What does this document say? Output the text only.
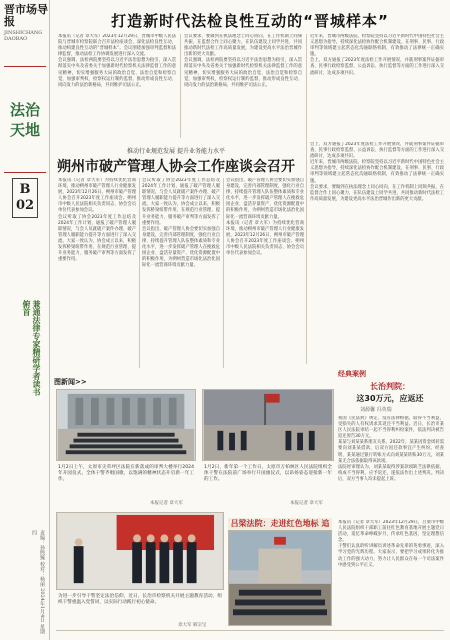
晋市场导报
JINSHICHANG DAOBAO
法治天地
B
02
兼通法律专家精研学者读书俯首
责编：孙煦臻 校对：杨丽 2024年1月4日 星期四
打造新时代法检良性互动的“晋城样本”

本报讯（记者 章大军）2023年12月29日，晋城市中级人民法院与晋城市检察院联合召开法检座谈会，深化法检良性互动，推动构建良性互动的“晋城样本”。会议围绕加强审判监督和法律监督，推动法检工作协调发展进行深入交流。

会议强调，法检两院要坚持以习近平法治思想为指引，深入贯彻落实中央及省委关于加强新时代检察机关法律监督工作的意见精神，切实增强服务大局的政治自觉、法治自觉和检察自觉，加强审判权、检察权运行制约监督，推动形成良性互动、同向发力的法治新格局，共同维护司法公正。

会议要求，要做到在执法理念上同心同向，在工作机制上同频共振，在监督合作上同心聚力，在队伍建设上同学共进，共同推动新时代法检工作高质量发展，为建设更高水平法治晋城作出新的更大贡献。

会议强调，法检两院要坚持以习近平法治思想为指引，深入贯彻落实中央及省委关于加强新时代检察机关法律监督工作的意见精神，切实增强服务大局的政治自觉、法治自觉和检察自觉，加强审判权、检察权运行制约监督，推动形成良性互动、同向发力的法治新格局，共同维护司法公正。

近年来，晋城市两级法院、检察院坚持以习近平新时代中国特色社会主义思想为指导，持续深化法检协作配合机制建设，在刑事、民事、行政审判等领域建立起常态化沟通联络机制，有效推动了法律统一正确实施。

会上，双方通报了2023年度法检工作开展情况，并就刑事案件证据审查、民事行政检察监督、公益诉讼、执行监督等方面的工作进行深入交流研讨，达成多项共识。

推动行业规范发展 提升业务能力水平
朔州市破产管理人协会工作座谈会召开

本报讯（记者 章大军）为持续优化营商环境，推动朔州市破产管理人行业健康发展，2023年12月26日，朔州市破产管理人协会召开2023年度工作座谈会。朔州市中级人民法院相关负责同志、协会会员单位代表参加会议。

会议听取了协会2023年度工作总结及2024年工作计划，通报了破产管理人履职情况，与会人员就破产案件办理、破产管理人履职能力提升等方面进行了深入交流。大家一致认为，协会成立以来，积极发挥桥梁纽带作用，在规范行业管理、提升业务能力、服务破产审判等方面发挥了重要作用。

会议听取了协会2023年度工作总结及2024年工作计划，通报了破产管理人履职情况，与会人员就破产案件办理、破产管理人履职能力提升等方面进行了深入交流。大家一致认为，协会成立以来，积极发挥桥梁纽带作用，在规范行业管理、提升业务能力、服务破产审判等方面发挥了重要作用。

会议指出，破产管理人协会要切实加强自身建设，完善内部管理制度，强化行业自律，持续提升管理人队伍整体素质和专业化水平，进一步发挥破产管理人在挽救危困企业、盘活存量资产、优化资源配置中的积极作用，为朔州营造市场化法治化国际化一流营商环境贡献力量。

会议指出，破产管理人协会要切实加强自身建设，完善内部管理制度，强化行业自律，持续提升管理人队伍整体素质和专业化水平，进一步发挥破产管理人在挽救危困企业、盘活存量资产、优化资源配置中的积极作用，为朔州营造市场化法治化国际化一流营商环境贡献力量。

本报讯（记者 章大军）为持续优化营商环境，推动朔州市破产管理人行业健康发展，2023年12月26日，朔州市破产管理人协会召开2023年度工作座谈会。朔州市中级人民法院相关负责同志、协会会员单位代表参加会议。

会上，双方通报了2023年度法检工作开展情况，并就刑事案件证据审查、民事行政检察监督、公益诉讼、执行监督等方面的工作进行深入交流研讨，达成多项共识。

近年来，晋城市两级法院、检察院坚持以习近平新时代中国特色社会主义思想为指导，持续深化法检协作配合机制建设，在刑事、民事、行政审判等领域建立起常态化沟通联络机制，有效推动了法律统一正确实施。

会议要求，要做到在执法理念上同心同向，在工作机制上同频共振，在监督合作上同心聚力，在队伍建设上同学共进，共同推动新时代法检工作高质量发展，为建设更高水平法治晋城作出新的更大贡献。

经典案例
长治判院：
这30万元，应返还
刘源馨 冯英瑞

我国《民法典》规定，没有法律根据，取得不当利益，受损失的人有权请求其返还不当利益。近日，长治市某区人民法院审结一起不当得利纠纷案件，依法判决被告返还原告30万元。

某某与刘某某系朋友关系。2022年，某某因资金周转需要向刘某某借款，后双方因还款事宜产生纠纷。经查明，某某通过银行转账方式向刘某某转账30万元，刘某某无合法依据取得该款项。

法院经审理认为，刘某某取得涉案款项缺乏法律依据，构成不当得利，应予返还，遂依法作出上述判决。判决后，双方当事人均未提起上诉。

图新闻>>
1月2日上午，太原市尖草坪区法院在新落成的审判大楼举行2024年开园仪式，全体干警齐唱国歌，以饱满的精神状态开启新一年工作。
本报记者 章大军
1月2日，新年第一个工作日，太原市万柏林区人民法院组织全体干警在法院前广场举行升国旗仪式，以昂扬姿态迎接新一年的工作。
本报记者 章大军
为进一步引导干警坚定法治信仰，近日，长治市检察机关开展主题教育活动，组织干警重温入党誓词，以实际行动践行初心使命。
章大军 韩宗宝
吕梁法院：走进红色地标 追	本报讯（记者 章大军）2023年12月29日，吕梁市中级人民法院组织干部职工前往红色教育基地开展主题党日活动，追忆革命峥嵘岁月，传承红色基因，坚定理想信念。

干警们认真聆听讲解员讲述革命先辈的英勇事迹，深入学习党的光辉历程。大家表示，要把学习成果转化为推动工作的强大动力，努力让人民群众在每一个司法案件中感受到公平正义。
